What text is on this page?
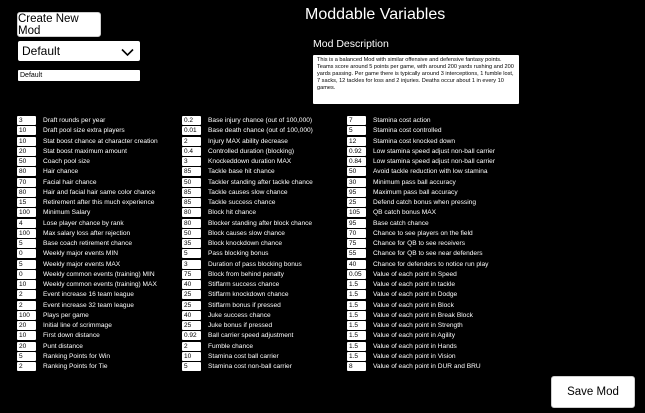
Create New Mod
Default
Default
Moddable Variables
Mod Description
This is a balanced Mod with similar offensive and defensive fantasy points. Teams score around 5 points per game, with around 200 yards rushing and 200 yards passing. Per game there is typically around 3 interceptions, 1 fumble lost, 7 sacks, 12 tackles for loss and 2 injuries. Deaths occur about 1 in every 10 games.
3	Draft rounds per year
10	Draft pool size extra players
10	Stat boost chance at character creation
20	Stat boost maximum amount
50	Coach pool size
80	Hair chance
70	Facial hair chance
80	Hair and facial hair same color chance
15	Retirement after this much experience
100	Minimum Salary
4	Lose player chance by rank
100	Max salary loss after rejection
5	Base coach retirement chance
0	Weekly major events MIN
5	Weekly major events MAX
0	Weekly common events (training) MIN
10	Weekly common events (training) MAX
2	Event increase 16 team league
2	Event increase 32 team league
100	Plays per game
20	Initial line of scrimmage
10	First down distance
20	Punt distance
5	Ranking Points for Win
2	Ranking Points for Tie
0.2	Base injury chance (out of 100,000)
0.01	Base death chance (out of 100,000)
2	Injury MAX ability decrease
0.4	Controlled duration (blocking)
3	Knockeddown duration MAX
85	Tackle base hit chance
50	Tackler standing after tackle chance
85	Tackle causes slow chance
85	Tackle success chance
80	Block hit chance
80	Blocker standing after block chance
50	Block causes slow chance
35	Block knockdown chance
5	Pass blocking bonus
3	Duration of pass blocking bonus
75	Block from behind penalty
40	Stiffarm success chance
25	Stiffarm knockdown chance
25	Stiffarm bonus if pressed
40	Juke success chance
25	Juke bonus if pressed
0.92	Ball carrier speed adjustment
2	Fumble chance
10	Stamina cost ball carrier
5	Stamina cost non-ball carrier
7	Stamina cost action
5	Stamina cost controlled
12	Stamina cost knocked down
0.92	Low stamina speed adjust non-ball carrier
0.84	Low stamina speed adjust non-ball carrier
50	Avoid tackle reduction with low stamina
30	Minimum pass ball accuracy
95	Maximum pass ball accuracy
25	Defend catch bonus when pressing
105	QB catch bonus MAX
95	Base catch chance
70	Chance to see players on the field
75	Chance for QB to see receivers
55	Chance for QB to see near defenders
40	Chance for defenders to notice run play
0.05	Value of each point in Speed
1.5	Value of each point in tackle
1.5	Value of each point in Dodge
1.5	Value of each point in Block
1.5	Value of each point in Break Block
1.5	Value of each point in Strength
1.5	Value of each point in Agility
1.5	Value of each point in Hands
1.5	Value of each point in Vision
8	Value of each point in DUR and BRU
Save Mod
